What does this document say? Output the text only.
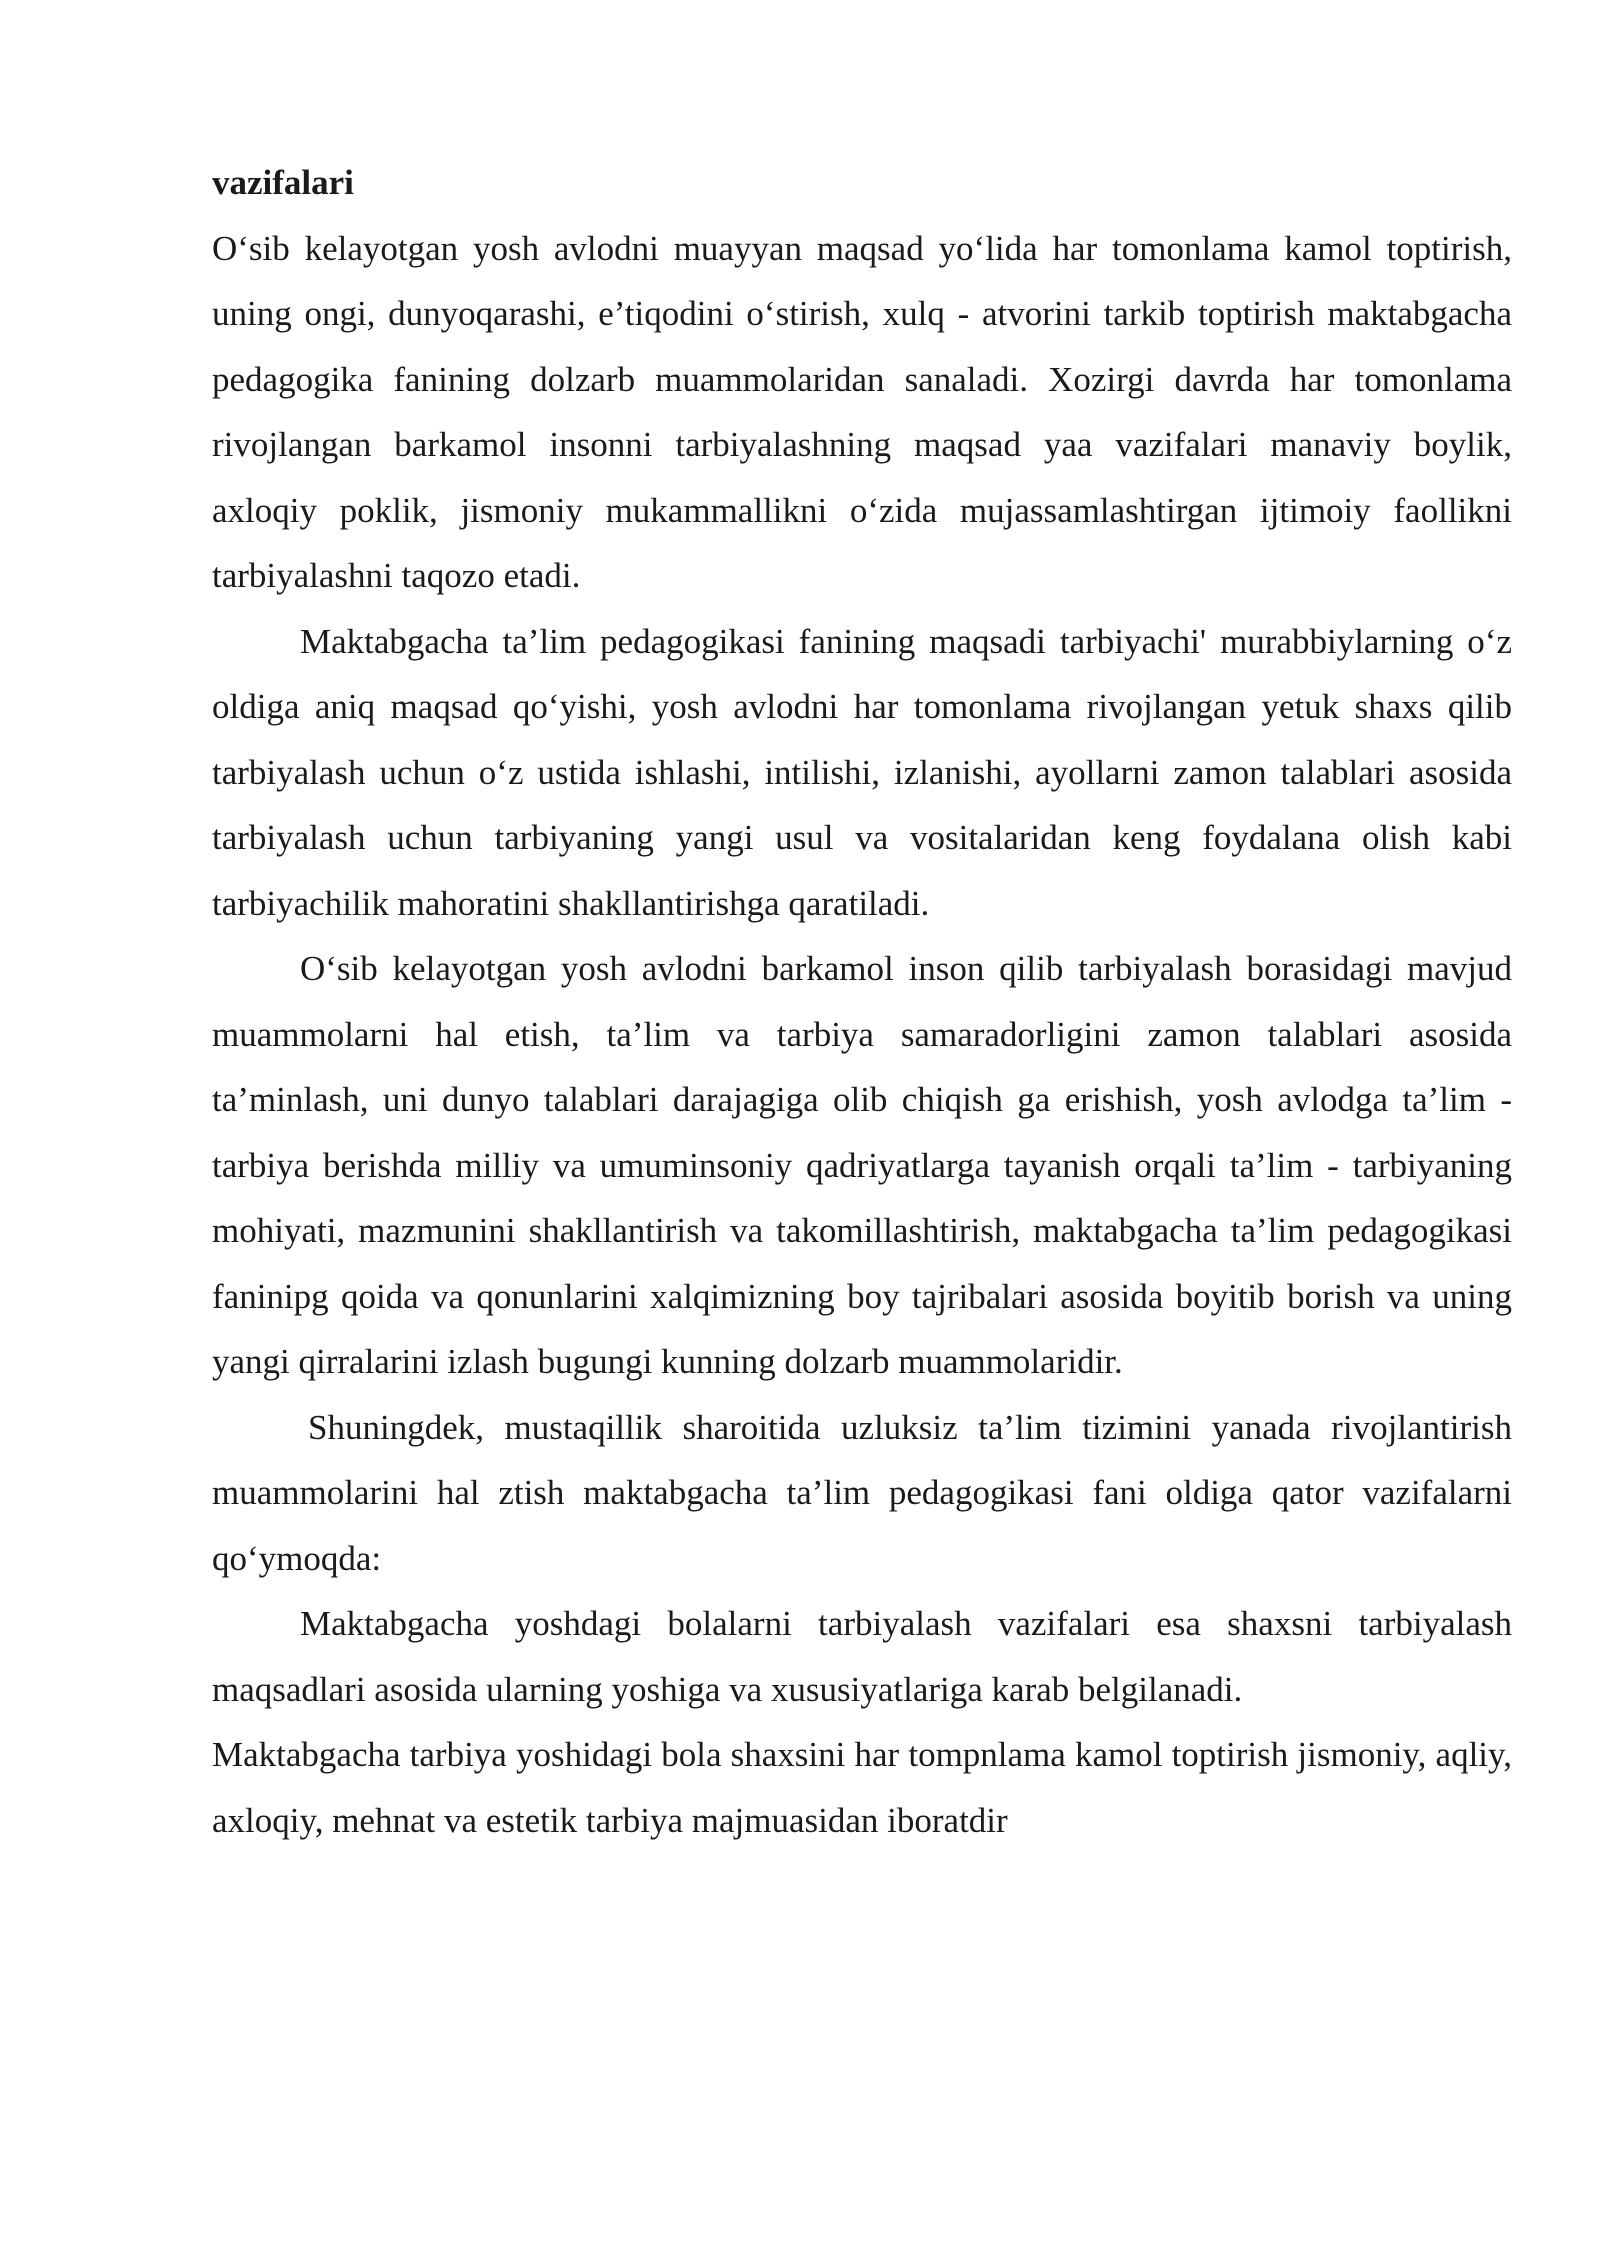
vazifalari

O‘sib kelayotgan yosh avlodni muayyan maqsad yo‘lida har tomonlama kamol toptirish, uning ongi, dunyoqarashi, e’tiqodini o‘stirish, xulq - atvorini tarkib toptirish maktabgacha pedagogika fanining dolzarb muammolaridan sanaladi. Xozirgi davrda har tomonlama rivojlangan barkamol insonni tarbiyalashning maqsad yaa vazifalari manaviy boylik, axloqiy poklik, jismoniy mukammallikni o‘zida mujassamlashtirgan ijtimoiy faollikni tarbiyalashni taqozo etadi.

Maktabgacha ta’lim pedagogikasi fanining maqsadi tarbiyachi' murabbiylarning o‘z oldiga aniq maqsad qo‘yishi, yosh avlodni har tomonlama rivojlangan yetuk shaxs qilib tarbiyalash uchun o‘z ustida ishlashi, intilishi, izlanishi, ayollarni zamon talablari asosida tarbiyalash uchun tarbiyaning yangi usul va vositalaridan keng foydalana olish kabi tarbiyachilik mahoratini shakllantirishga qaratiladi.

O‘sib kelayotgan yosh avlodni barkamol inson qilib tarbiyalash borasidagi mavjud muammolarni hal etish, ta’lim va tarbiya samaradorligini zamon talablari asosida ta’minlash, uni dunyo talablari darajagiga olib chiqish ga erishish, yosh avlodga ta’lim - tarbiya berishda milliy va umuminsoniy qadriyatlarga tayanish orqali ta’lim - tarbiyaning mohiyati, mazmunini shakllantirish va takomillashtirish, maktabgacha ta’lim pedagogikasi faninipg qoida va qonunlarini xalqimizning boy tajribalari asosida boyitib borish va uning yangi qirralarini izlash bugungi kunning dolzarb muammolaridir.

Shuningdek, mustaqillik sharoitida uzluksiz ta’lim tizimini yanada rivojlantirish muammolarini hal ztish maktabgacha ta’lim pedagogikasi fani oldiga qator vazifalarni qo‘ymoqda:

Maktabgacha yoshdagi bolalarni tarbiyalash vazifalari esa shaxsni tarbiyalash maqsadlari asosida ularning yoshiga va xususiyatlariga karab belgilanadi.

Maktabgacha tarbiya yoshidagi bola shaxsini har tompnlama kamol toptirish jismoniy, aqliy, axloqiy, mehnat va estetik tarbiya majmuasidan iboratdir
